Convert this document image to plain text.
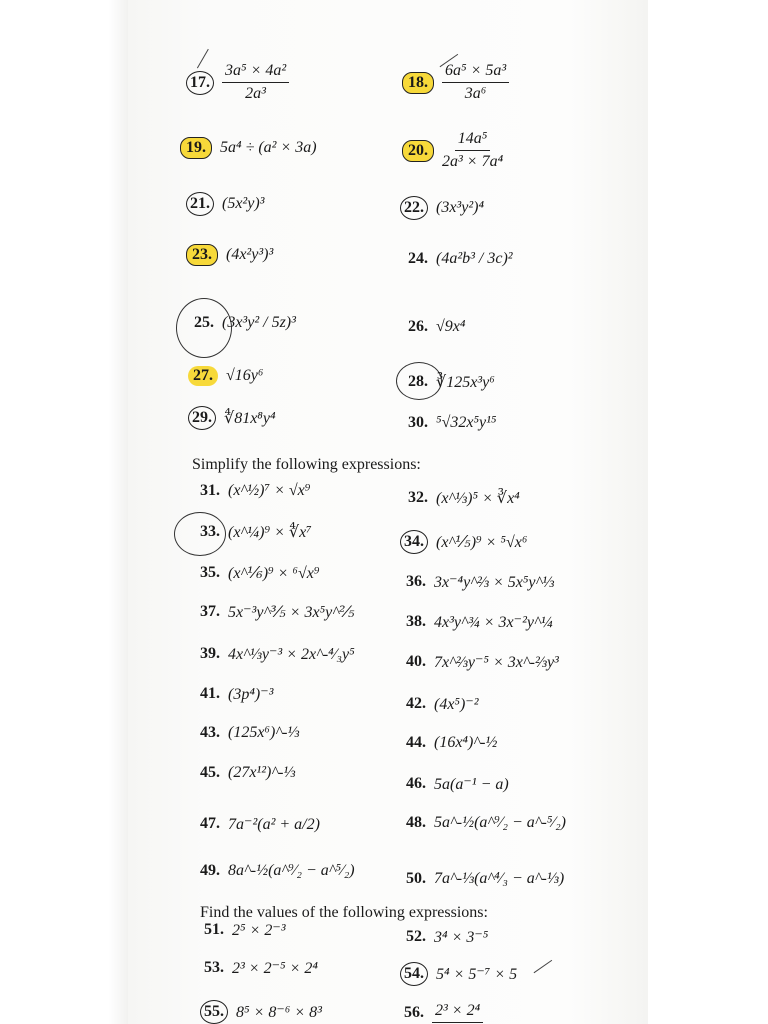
17. $\frac{\text{3a⁵ × 4a²}}{\text{2a³}}$	18. $\frac{\text{6a⁵ × 5a³}}{\text{3a⁶}}$
19. 5a⁴ ÷ (a² × 3a)	20. $\frac{\text{14a⁵}}{\text{2a³ × 7a⁴}}$
21. (5x²y)³	22. (3x³y²)⁴
23. (4x²y³)³	24. (4a²b³ / 3c)²
25. (3x³y² / 5z)³	26. √9x⁴
27. √16y⁶	28. ∛125x³y⁶
29. ∜81x⁸y⁴	30. ⁵√32x⁵y¹⁵
Simplify the following expressions:
31. (x^½)⁷ × √x⁹	32. (x^⅓)⁵ × ∛x⁴
33. (x^¼)⁹ × ∜x⁷
34. (x^⅕)⁹ × ⁵√x⁶
35. (x^⅙)⁹ × ⁶√x⁹	36. 3x⁻⁴y^⅔ × 5x⁵y^⅓
37. 5x⁻³y^⅗ × 3x⁵y^⅖
38. 4x³y^¾ × 3x⁻²y^¼
39. 4x^⅓y⁻³ × 2x^-⁴⁄₃y⁵	40. 7x^⅔y⁻⁵ × 3x^-⅔y³
41. (3p⁴)⁻³
42. (4x⁵)⁻²
43. (125x⁶)^-⅓
44. (16x⁴)^-½
45. (27x¹²)^-⅓
46. 5a(a⁻¹ − a)
47. 7a⁻²(a² + a/2)	48. 5a^-½(a^⁹⁄₂ − a^-⁵⁄₂)
49. 8a^-½(a^⁹⁄₂ − a^⁵⁄₂)	50. 7a^-⅓(a^⁴⁄₃ − a^-⅓)
Find the values of the following expressions:
51. 2⁵ × 2⁻³	52. 3⁴ × 3⁻⁵
53. 2³ × 2⁻⁵ × 2⁴	54. 5⁴ × 5⁻⁷ × 5
55. 8⁵ × 8⁻⁶ × 8³	56. 2³ × 2⁴
